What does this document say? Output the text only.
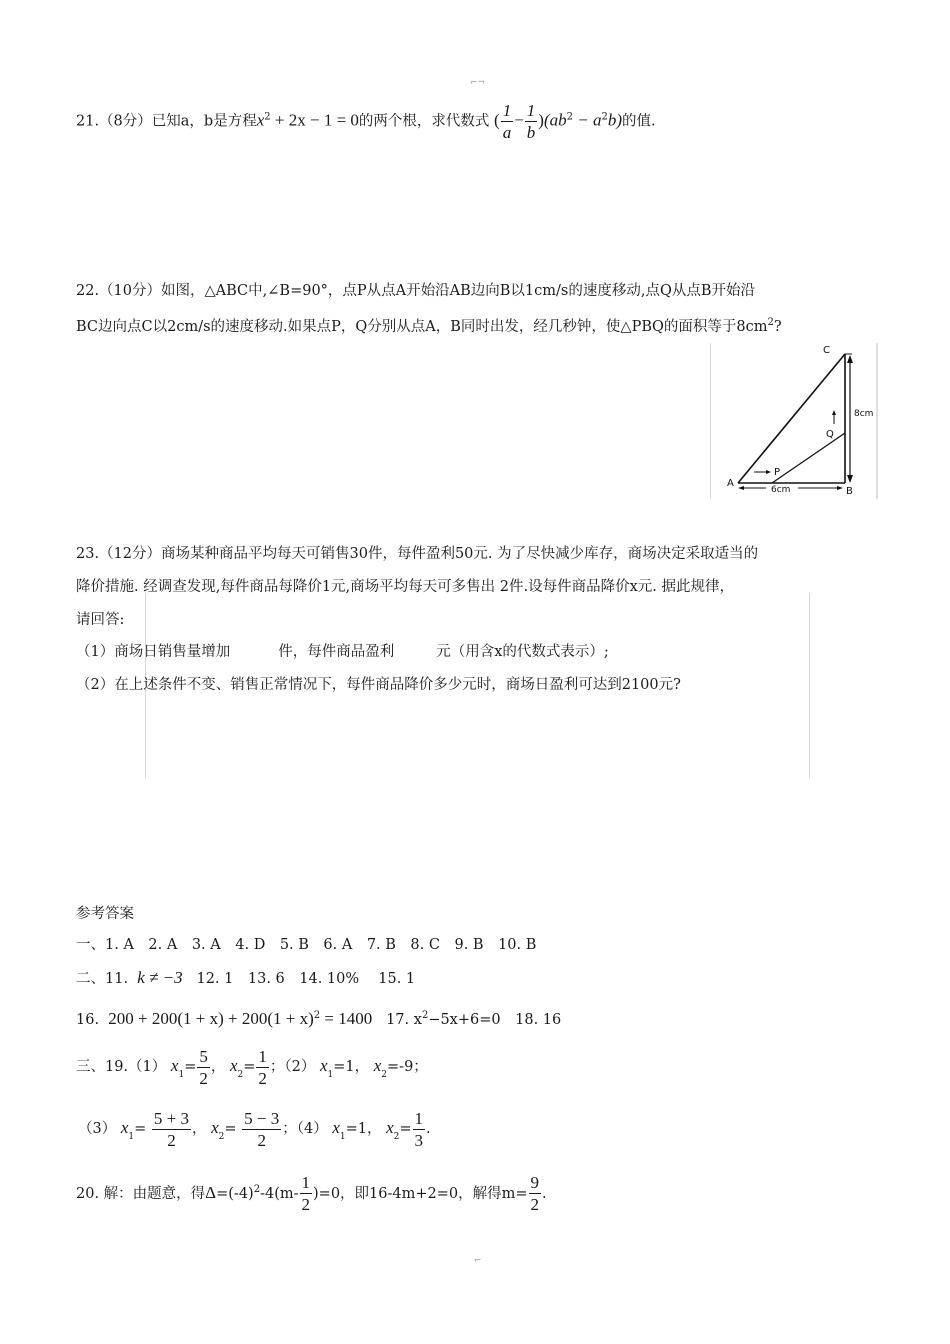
⌐¬
21.（8分）已知a，b是方程$x^2 + 2x - 1 = 0$的两个根，求代数式 ( $\frac{1}{a} - \frac{1}{b} )(ab^2 - a^2b)$的值.
22.（10分）如图，△ABC中,∠B=90°，点P从点A开始沿AB边向B以1cm/s的速度移动,点Q从点B开始沿
BC边向点C以2cm/s的速度移动.如果点P，Q分别从点A，B同时出发，经几秒钟，使△PBQ的面积等于$8cm^2$?
C
A
B
P
Q
8cm
6cm
23.（12分）商场某种商品平均每天可销售30件，每件盈利50元. 为了尽快减少库存，商场决定采取适当的
降价措施. 经调查发现,每件商品每降价1元,商场平均每天可多售出 2件.设每件商品降价x元. 据此规律，
请回答:
（1）商场日销售量增加	件，每件商品盈利	元（用含x的代数式表示）;
（2）在上述条件不变、销售正常情况下，每件商品降价多少元时，商场日盈利可达到2100元?
参考答案
一、1. A　2. A　3. A　4. D　5. B　6. A　7. B　8. C　9. B　10. B
二、11. k ≠ −3 12. 1　13. 6　14. 10%　 15. 1
16. $200 + 200(1 + x) + 200(1 + x)^2 = 1400$ 17. $x^2-5x+6=0$　18. 16
三、19.（1） $x_1= \frac{5}{2}$ ， $x_2= \frac{1}{2}$ ；（2） $x_1=1$， $x_2=-9$；
（3） $x_1= \frac{5 + 3}{2}$ ， $x_2= \frac{5 - 3}{2}$ ；（4） $x_1=1$， $x_2= \frac{1}{3}$ .
20. 解：由题意，得$\Delta=(-4)^2-4(m- \frac{1}{2} )=0$，即16-4m+2=0，解得$m= \frac{9}{2}$ .
⌐
